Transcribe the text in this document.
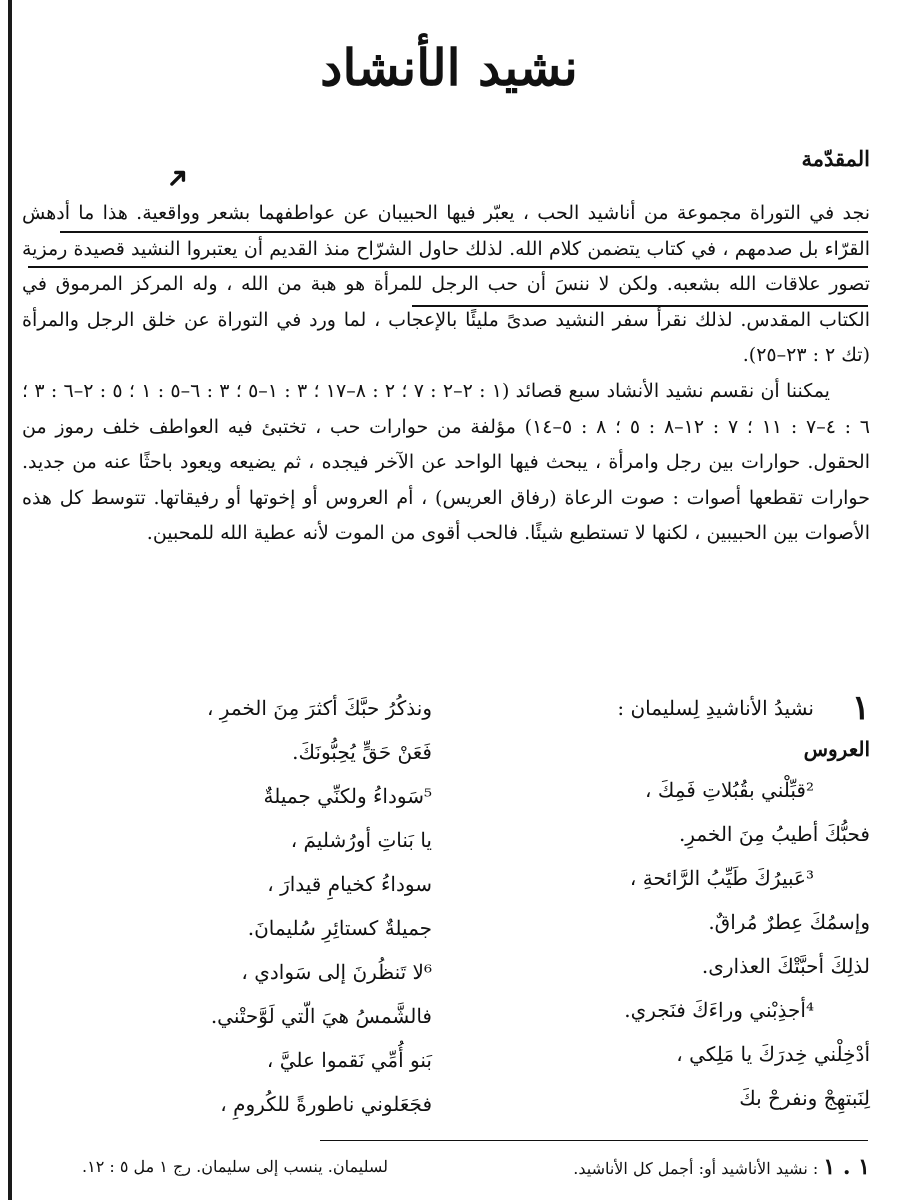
نشيد الأنشاد
المقدّمة
➜

نجد في التوراة مجموعة من أناشيد الحب ، يعبّر فيها الحبيبان عن عواطفهما بشعر وواقعية. هذا ما أدهش القرّاء بل صدمهم ، في كتاب يتضمن كلام الله. لذلك حاول الشرّاح منذ القديم أن يعتبروا النشيد قصيدة رمزية تصور علاقات الله بشعبه. ولكن لا ننسَ أن حب الرجل للمرأة هو هبة من الله ، وله المركز المرموق في الكتاب المقدس. لذلك نقرأ سفر النشيد صدىً مليئًا بالإعجاب ، لما ورد في التوراة عن خلق الرجل والمرأة (تك ٢ : ٢٣–٢٥).

يمكننا أن نقسم نشيد الأنشاد سبع قصائد (١ : ٢–٢ : ٧ ؛ ٢ : ٨–١٧ ؛ ٣ : ١–٥ ؛ ٣ : ٦–٥ : ١ ؛ ٥ : ٢–٦ : ٣ ؛ ٦ : ٤–٧ : ١١ ؛ ٧ : ١٢–٨ : ٥ ؛ ٨ : ٥–١٤) مؤلفة من حوارات حب ، تختبئ فيه العواطف خلف رموز من الحقول. حوارات بين رجل وامرأة ، يبحث فيها الواحد عن الآخر فيجده ، ثم يضيعه ويعود باحثًا عنه من جديد. حوارات تقطعها أصوات : صوت الرعاة (رفاق العريس) ، أم العروس أو إخوتها أو رفيقاتها. تتوسط كل هذه الأصوات بين الحبيبين ، لكنها لا تستطيع شيئًا. فالحب أقوى من الموت لأنه عطية الله للمحبين.

١
نشيدُ الأناشيدِ لِسليمان :
العروس
²قبِّلْني بقُبُلاتِ فَمِكَ ،
فحبُّكَ أطيبُ مِنَ الخمرِ.
³عَبيرُكَ طَيِّبُ الرَّائحةِ ،
وإسمُكَ عِطرٌ مُراقٌ.
لذلِكَ أحبَّتْكَ العذارى.
⁴أجذِبْني وراءَكَ فنَجري.
أدْخِلْني خِدرَكَ يا مَلِكي ،
لِنَبتهِجْ ونفرحْ بكَ
ونذكُرُ حبَّكَ أكثرَ مِنَ الخمرِ ،
فَعَنْ حَقٍّ يُحِبُّونَكَ.
⁵سَوداءُ ولكنِّي جميلةٌ
يا بَناتِ أورُشليمَ ،
سوداءُ كخيامِ قيدارَ ،
جميلةٌ كستائِرِ سُليمانَ.
⁶لا تَنظُرنَ إلى سَوادي ،
فالشَّمسُ هيَ الّتي لَوَّحتْني.
بَنو أُمِّي نَقموا عليَّ ،
فجَعَلوني ناطورةً للكُرومِ ،
١ . ١ : نشيد الأناشيد أو: أجمل كل الأناشيد.
لسليمان. ينسب إلى سليمان. رج ١ مل ٥ : ١٢.
